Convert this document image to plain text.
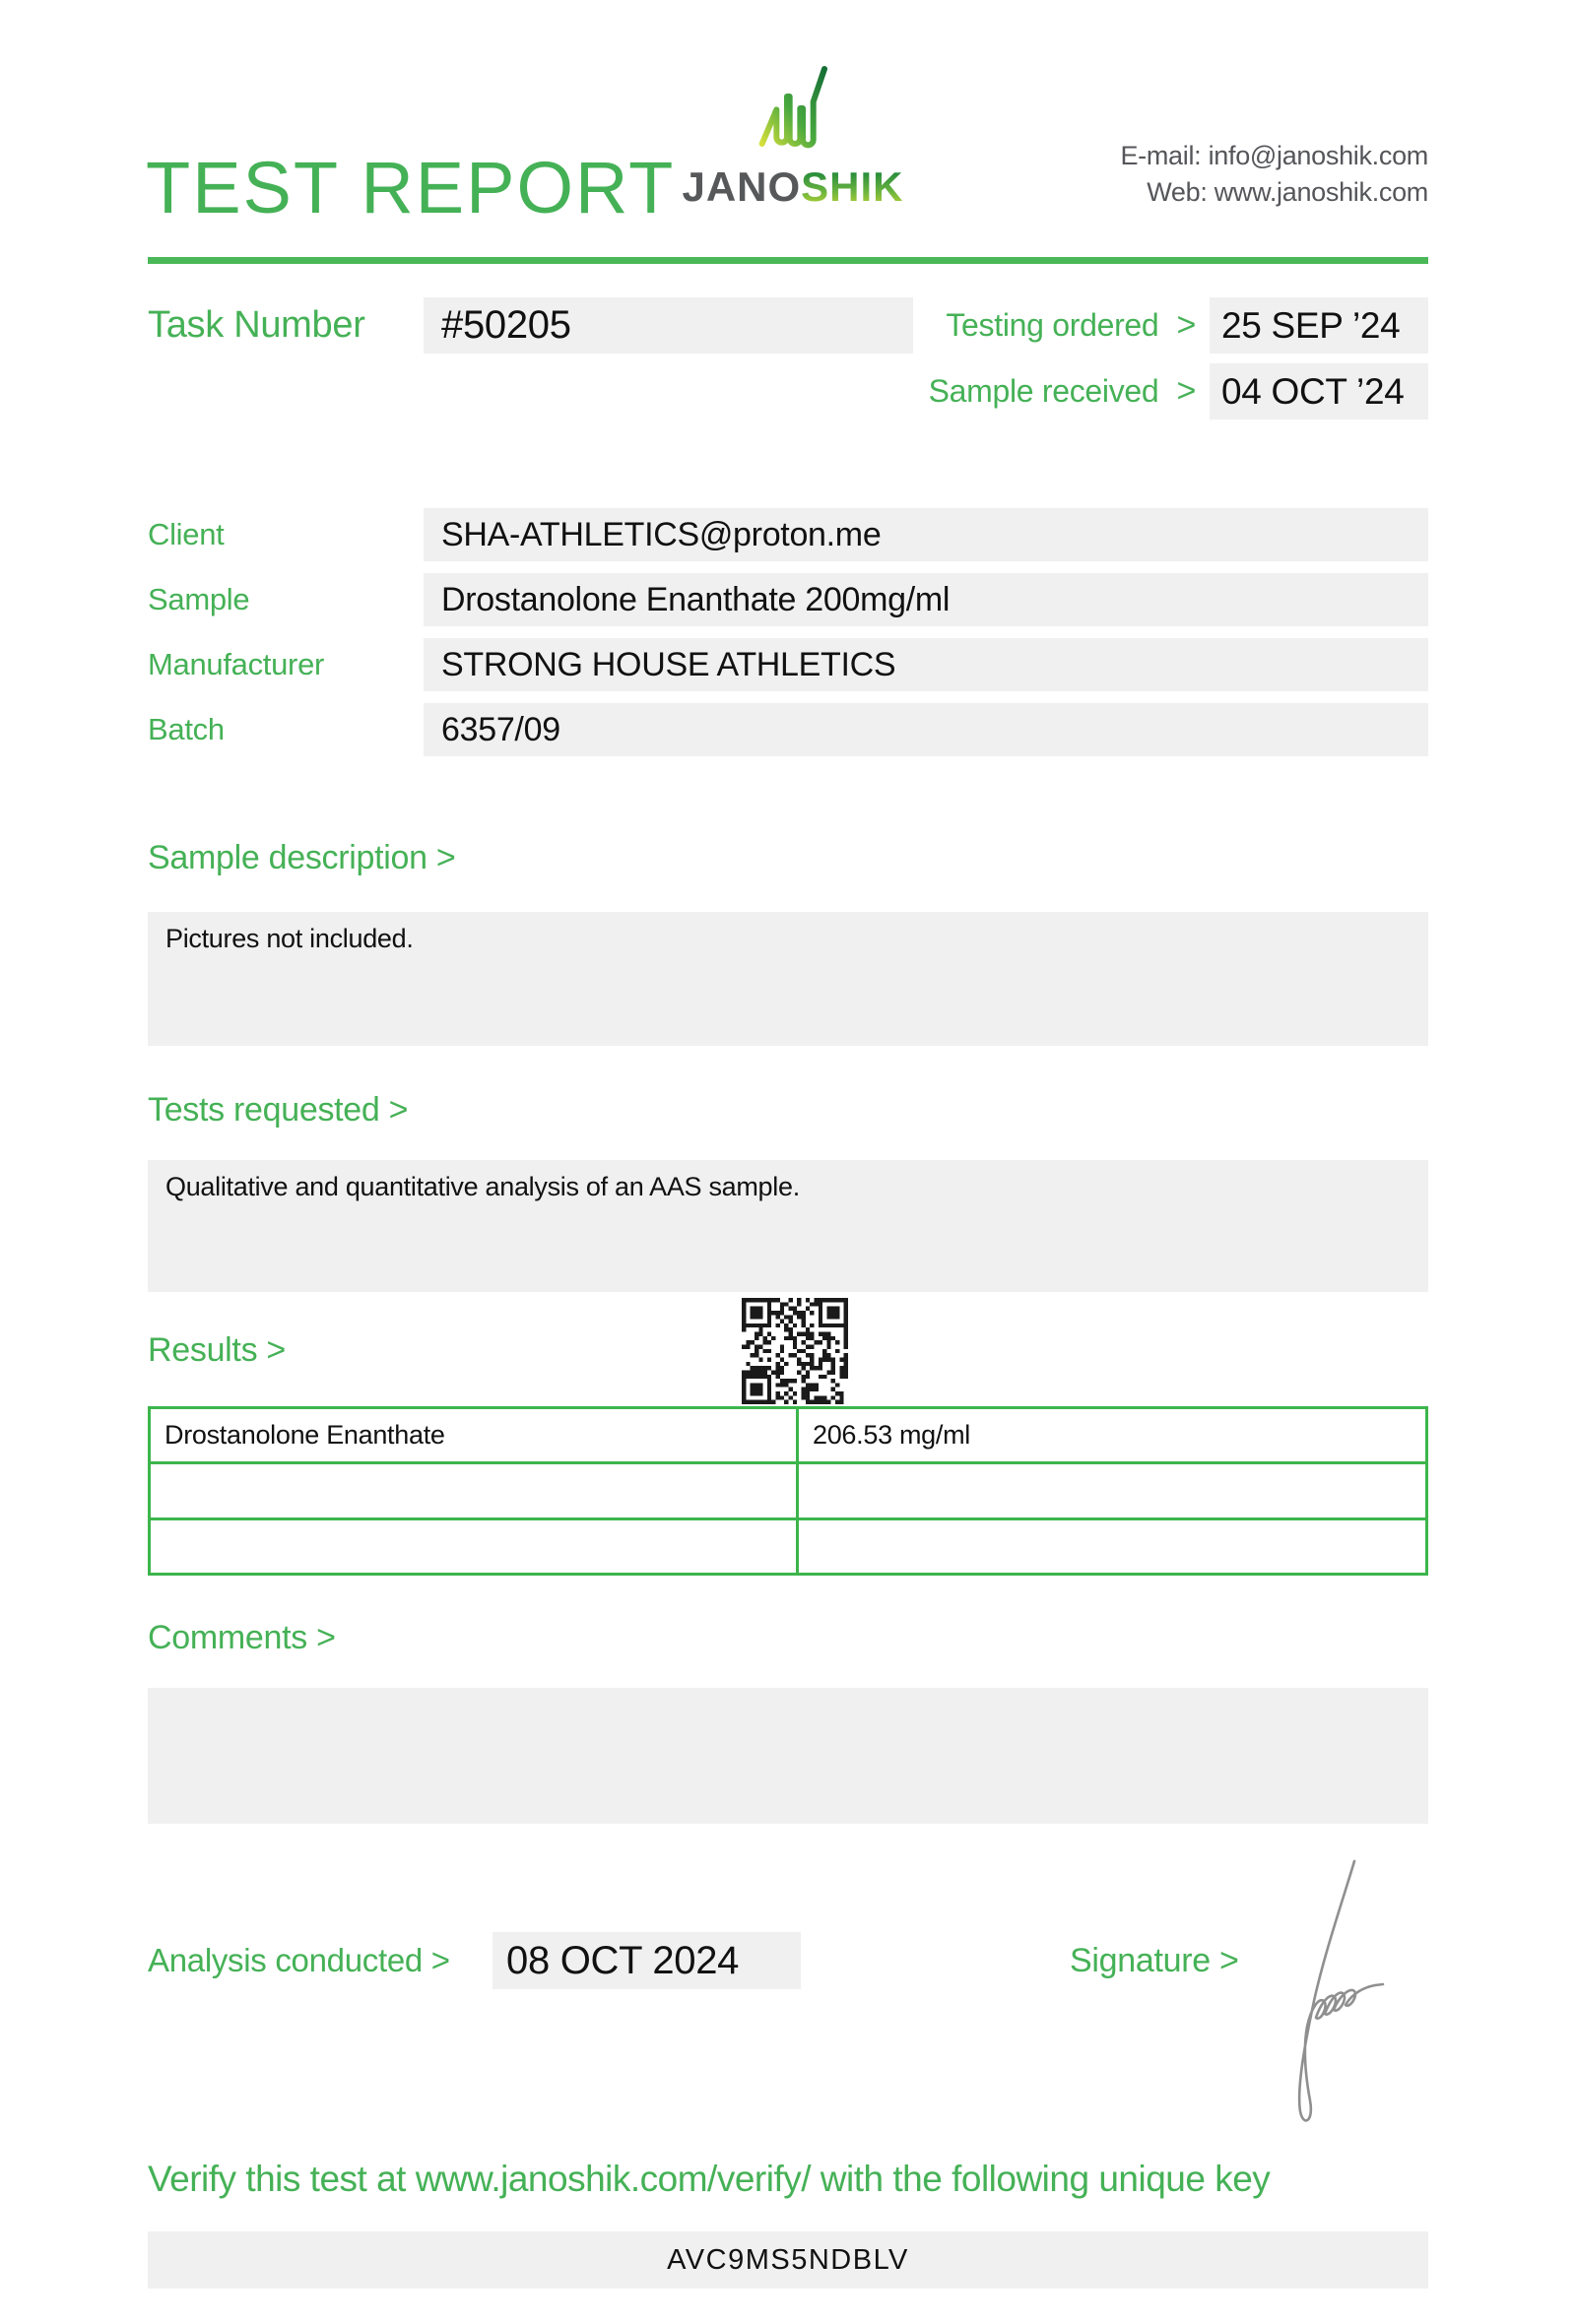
TEST REPORT JANOSHIK
E-mail: info@janoshik.com
Web: www.janoshik.com
Task Number	#50205	Testing ordered > 25 SEP ’24
Sample received > 04 OCT ’24
Client	SHA-ATHLETICS@proton.me
Sample	Drostanolone Enanthate 200mg/ml
Manufacturer	STRONG HOUSE ATHLETICS
Batch	6357/09
Sample description >
Pictures not included.
Tests requested >
Qualitative and quantitative analysis of an AAS sample.
Results >
Drostanolone Enanthate	206.53 mg/ml

Comments >
Analysis conducted >	08 OCT 2024	Signature >
Verify this test at www.janoshik.com/verify/ with the following unique key
AVC9MS5NDBLV
